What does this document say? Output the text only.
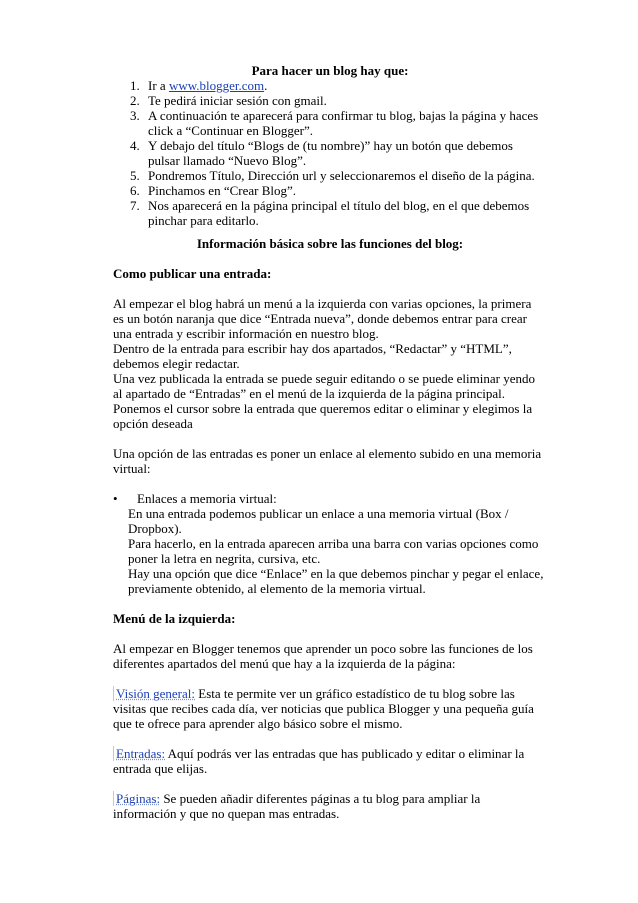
Para hacer un blog hay que:
1. Ir a www.blogger.com.
2. Te pedirá iniciar sesión con gmail.
3. A continuación te aparecerá para confirmar tu blog, bajas la página y haces click a “Continuar en Blogger”.
4. Y debajo del título “Blogs de (tu nombre)” hay un botón que debemos pulsar llamado “Nuevo Blog”.
5. Pondremos Título, Dirección url y seleccionaremos el diseño de la página.
6. Pinchamos en “Crear Blog”.
7. Nos aparecerá en la página principal el título del blog, en el que debemos pinchar para editarlo.
Información básica sobre las funciones del blog:

Como publicar una entrada:

Al empezar el blog habrá un menú a la izquierda con varias opciones, la primera es un botón naranja que dice “Entrada nueva”, donde debemos entrar para crear una entrada y escribir información en nuestro blog.

Dentro de la entrada para escribir hay dos apartados, “Redactar” y “HTML”, debemos elegir redactar.

Una vez publicada la entrada se puede seguir editando o se puede eliminar yendo al apartado de “Entradas” en el menú de la izquierda de la página principal.

Ponemos el cursor sobre la entrada que queremos editar o eliminar y elegimos la opción deseada

Una opción de las entradas es poner un enlace al elemento subido en una memoria virtual:

• Enlaces a memoria virtual:

En una entrada podemos publicar un enlace a una memoria virtual (Box / Dropbox).

Para hacerlo, en la entrada aparecen arriba una barra con varias opciones como poner la letra en negrita, cursiva, etc.

Hay una opción que dice “Enlace” en la que debemos pinchar y pegar el enlace, previamente obtenido, al elemento de la memoria virtual.

Menú de la izquierda:

Al empezar en Blogger tenemos que aprender un poco sobre las funciones de los diferentes apartados del menú que hay a la izquierda de la página:

Visión general: Esta te permite ver un gráfico estadístico de tu blog sobre las visitas que recibes cada día, ver noticias que publica Blogger y una pequeña guía que te ofrece para aprender algo básico sobre el mismo.

Entradas: Aquí podrás ver las entradas que has publicado y editar o eliminar la entrada que elijas.

Páginas: Se pueden añadir diferentes páginas a tu blog para ampliar la información y que no quepan mas entradas.
